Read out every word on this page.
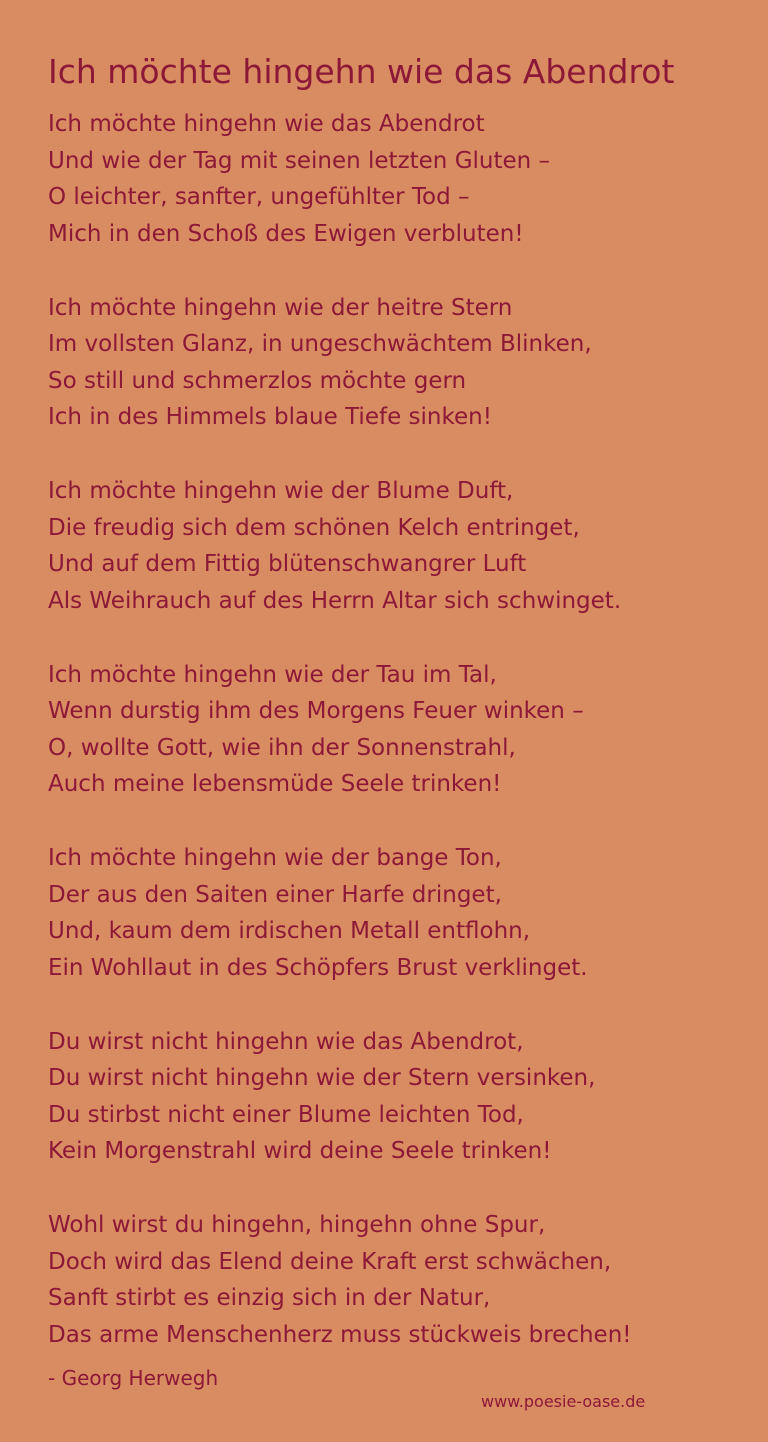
Ich möchte hingehn wie das Abendrot
Ich möchte hingehn wie das Abendrot
Und wie der Tag mit seinen letzten Gluten –
O leichter, sanfter, ungefühlter Tod –
Mich in den Schoß des Ewigen verbluten!
Ich möchte hingehn wie der heitre Stern
Im vollsten Glanz, in ungeschwächtem Blinken,
So still und schmerzlos möchte gern
Ich in des Himmels blaue Tiefe sinken!
Ich möchte hingehn wie der Blume Duft,
Die freudig sich dem schönen Kelch entringet,
Und auf dem Fittig blütenschwangrer Luft
Als Weihrauch auf des Herrn Altar sich schwinget.
Ich möchte hingehn wie der Tau im Tal,
Wenn durstig ihm des Morgens Feuer winken –
O, wollte Gott, wie ihn der Sonnenstrahl,
Auch meine lebensmüde Seele trinken!
Ich möchte hingehn wie der bange Ton,
Der aus den Saiten einer Harfe dringet,
Und, kaum dem irdischen Metall entflohn,
Ein Wohllaut in des Schöpfers Brust verklinget.
Du wirst nicht hingehn wie das Abendrot,
Du wirst nicht hingehn wie der Stern versinken,
Du stirbst nicht einer Blume leichten Tod,
Kein Morgenstrahl wird deine Seele trinken!
Wohl wirst du hingehn, hingehn ohne Spur,
Doch wird das Elend deine Kraft erst schwächen,
Sanft stirbt es einzig sich in der Natur,
Das arme Menschenherz muss stückweis brechen!
- Georg Herwegh
www.poesie-oase.de
